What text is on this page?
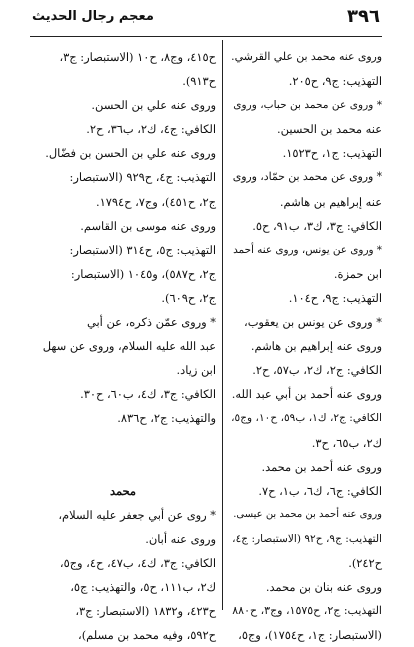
٣٩٦
معجم رجال الحديث
وروى عنه محمد بن علي القرشي.
التهذيب: ج٩، ح٢٠٥.
* وروى عن محمد بن حباب، وروى
عنه محمد بن الحسين.
التهذيب: ج١، ح١٥٢٣.
* وروى عن محمد بن حمّاد، وروى
عنه إبراهيم بن هاشم.
الكافي: ج٣، ك٣، ب٩١، ح٥.
* وروى عن يونس، وروى عنه أحمد
ابن حمزة.
التهذيب: ج٩، ح١٠٤.
* وروى عن يونس بن يعقوب،
وروى عنه إبراهيم بن هاشم.
الكافي: ج٢، ك٢، ب٥٧، ح٢.
وروى عنه أحمد بن أبي عبد الله.
الكافي: ج٢، ك١، ب٥٩، ح١٠، وج٥،
ك٢، ب٦٥، ح٣.
وروى عنه أحمد بن محمد.
الكافي: ج٦، ك٦، ب١، ح٧.
وروى عنه أحمد بن محمد بن عيسى.
التهذيب: ج٩، ح٩٢ (الاستبصار: ج٤،
ح٢٤٢).
وروى عنه بنان بن محمد.
التهذيب: ج٢، ح١٥٧٥، وج٣، ح٨٨٠
(الاستبصار: ج١، ح١٧٥٤)، وج٥،
ح٤١٥، وج٨، ح١٠ (الاستبصار: ج٣،
ح٩١٣).
وروى عنه علي بن الحسن.
الكافي: ج٤، ك٢، ب٣٦، ح٢.
وروى عنه علي بن الحسن بن فضّال.
التهذيب: ج٤، ح٩٢٩ (الاستبصار:
ج٢، ح٤٥١)، وج٧، ح١٧٩٤.
وروى عنه موسى بن القاسم.
التهذيب: ج٥، ح٣١٤ (الاستبصار:
ج٢، ح٥٨٧)، و١٠٤٥ (الاستبصار:
ج٢، ح٦٠٩).
* وروى عمّن ذكره، عن أبي
عبد الله عليه السلام، وروى عن سهل
ابن زياد.
الكافي: ج٣، ك٤، ب٦٠، ح٣٠.
والتهذيب: ج٢، ح٨٣٦.
محمد
* روى عن أبي جعفر عليه السلام،
وروى عنه أبان.
الكافي: ج٣، ك٤، ب٤٧، ح٤، وج٥،
ك٢، ب١١١، ح٥، والتهذيب: ج٥،
ح٤٢٣، و١٨٣٢ (الاستبصار: ج٣،
ح٥٩٢، وفيه محمد بن مسلم)،
